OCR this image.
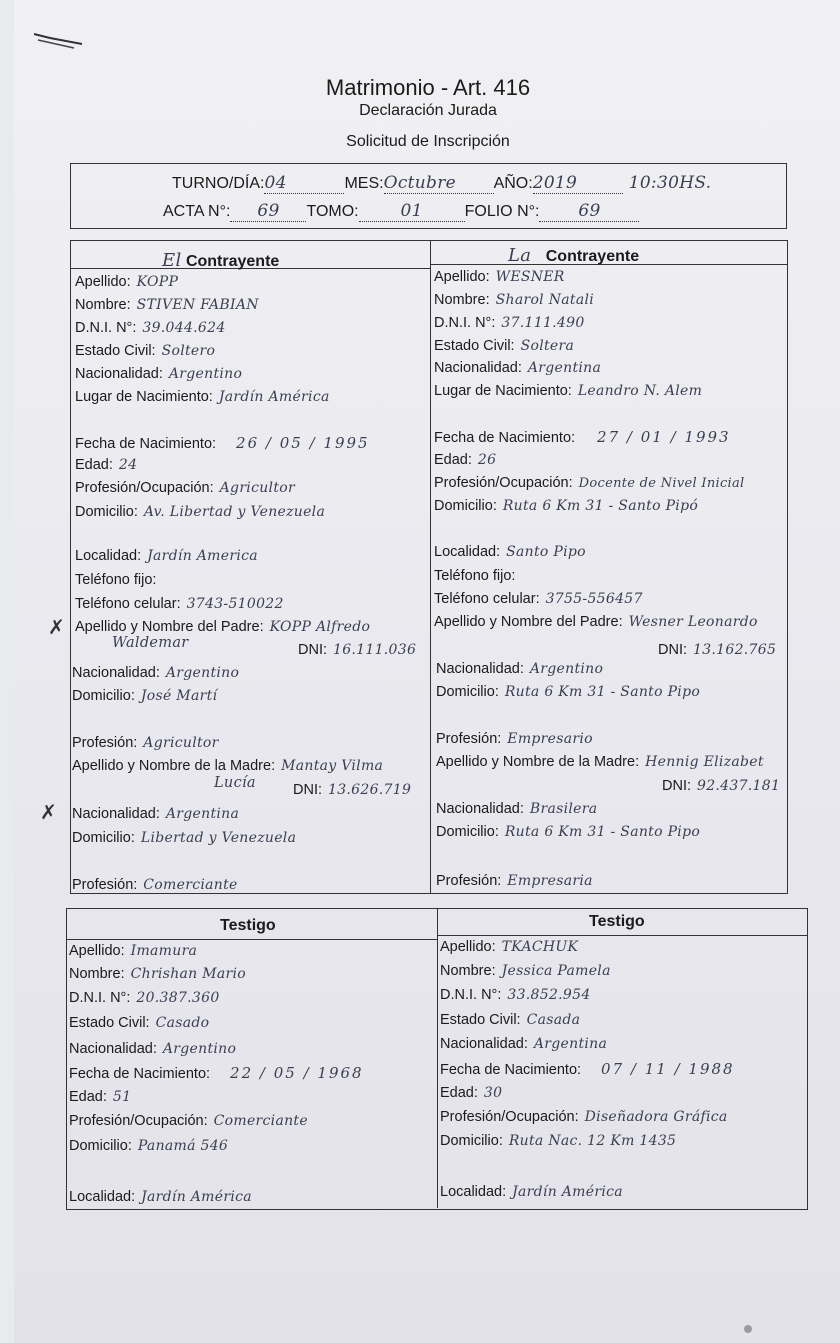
Matrimonio - Art. 416
Declaración Jurada
Solicitud de Inscripción
TURNO/DÍA:04	MES:Octubre AÑO:2019	10:30HS.
ACTA N°: 69 TOMO: 01	FOLIO N°: 69
El Contrayente	La Contrayente
Apellido: KOPP
Nombre: STIVEN FABIAN
D.N.I. N°: 39.044.624
Estado Civil: Soltero
Nacionalidad: Argentino
Lugar de Nacimiento: Jardín América
Fecha de Nacimiento: 26 / 05 / 1995
Edad: 24
Profesión/Ocupación: Agricultor
Domicilio: Av. Libertad y Venezuela
Localidad: Jardín America
Teléfono fijo:
Teléfono celular: 3743-510022
✗ Apellido y Nombre del Padre: KOPP Alfredo
Waldemar	DNI: 16.111.036
Nacionalidad: Argentino
Domicilio: José Martí
Profesión: Agricultor
Apellido y Nombre de la Madre: Mantay Vilma
Lucía	DNI: 13.626.719
✗ Nacionalidad: Argentina
Domicilio: Libertad y Venezuela
Profesión: Comerciante
Apellido: WESNER
Nombre: Sharol Natali
D.N.I. N°: 37.111.490
Estado Civil: Soltera
Nacionalidad: Argentina
Lugar de Nacimiento: Leandro N. Alem
Fecha de Nacimiento: 27 / 01 / 1993
Edad: 26
Profesión/Ocupación: Docente de Nivel Inicial
Domicilio: Ruta 6 Km 31 - Santo Pipó
Localidad: Santo Pipo
Teléfono fijo:
Teléfono celular: 3755-556457
Apellido y Nombre del Padre: Wesner Leonardo
DNI: 13.162.765
Nacionalidad: Argentino
Domicilio: Ruta 6 Km 31 - Santo Pipo
Profesión: Empresario
Apellido y Nombre de la Madre: Hennig Elizabet
DNI: 92.437.181
Nacionalidad: Brasilera
Domicilio: Ruta 6 Km 31 - Santo Pipo
Profesión: Empresaria
Testigo	Testigo
Apellido: Imamura
Nombre: Chrishan Mario
D.N.I. N°: 20.387.360
Estado Civil: Casado
Nacionalidad: Argentino
Fecha de Nacimiento: 22 / 05 / 1968
Edad: 51
Profesión/Ocupación: Comerciante
Domicilio: Panamá 546
Localidad: Jardín América
Apellido: TKACHUK
Nombre: Jessica Pamela
D.N.I. N°: 33.852.954
Estado Civil: Casada
Nacionalidad: Argentina
Fecha de Nacimiento: 07 / 11 / 1988
Edad: 30
Profesión/Ocupación: Diseñadora Gráfica
Domicilio: Ruta Nac. 12 Km 1435
Localidad: Jardín América
